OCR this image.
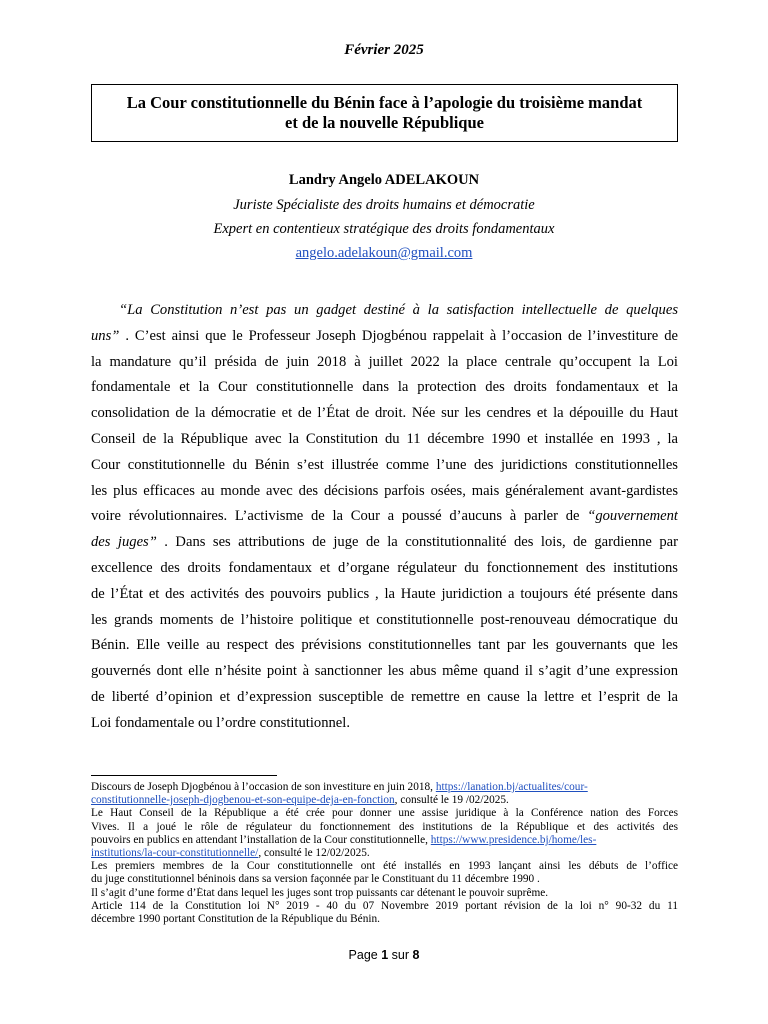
Février 2025
La Cour constitutionnelle du Bénin face à l’apologie du troisième mandat
et de la nouvelle République
Landry Angelo ADELAKOUN
Juriste Spécialiste des droits humains et démocratie
Expert en contentieux stratégique des droits fondamentaux
angelo.adelakoun@gmail.com
“La Constitution n’est pas un gadget destiné à la satisfaction intellectuelle de quelques
uns” . C’est ainsi que le Professeur Joseph Djogbénou rappelait à l’occasion de l’investiture de
la mandature qu’il présida de juin 2018 à juillet 2022 la place centrale qu’occupent la Loi
fondamentale et la Cour constitutionnelle dans la protection des droits fondamentaux et la
consolidation de la démocratie et de l’État de droit. Née sur les cendres et la dépouille du Haut
Conseil de la République avec la Constitution du 11 décembre 1990 et installée en 1993 , la
Cour constitutionnelle du Bénin s’est illustrée comme l’une des juridictions constitutionnelles
les plus efficaces au monde avec des décisions parfois osées, mais généralement avant-gardistes
voire révolutionnaires. L’activisme de la Cour a poussé d’aucuns à parler de “gouvernement
des juges” . Dans ses attributions de juge de la constitutionnalité des lois, de gardienne par
excellence des droits fondamentaux et d’organe régulateur du fonctionnement des institutions
de l’État et des activités des pouvoirs publics , la Haute juridiction a toujours été présente dans
les grands moments de l’histoire politique et constitutionnelle post-renouveau démocratique du
Bénin. Elle veille au respect des prévisions constitutionnelles tant par les gouvernants que les
gouvernés dont elle n’hésite point à sanctionner les abus même quand il s’agit d’une expression
de liberté d’opinion et d’expression susceptible de remettre en cause la lettre et l’esprit de la
Loi fondamentale ou l’ordre constitutionnel.
Discours de Joseph Djogbénou à l’occasion de son investiture en juin 2018, https://lanation.bj/actualites/cour-
constitutionnelle-joseph-djogbenou-et-son-equipe-deja-en-fonction, consulté le 19 /02/2025.
Le Haut Conseil de la République a été crée pour donner une assise juridique à la Conférence nation des Forces
Vives. Il a joué le rôle de régulateur du fonctionnement des institutions de la République et des activités des
pouvoirs en publics en attendant l’installation de la Cour constitutionnelle, https://www.presidence.bj/home/les-
institutions/la-cour-constitutionnelle/, consulté le 12/02/2025.
Les premiers membres de la Cour constitutionnelle ont été installés en 1993 lançant ainsi les débuts de l’office
du juge constitutionnel béninois dans sa version façonnée par le Constituant du 11 décembre 1990 .
Il s’agit d’une forme d’État dans lequel les juges sont trop puissants car détenant le pouvoir suprême.
Article 114 de la Constitution loi N° 2019 - 40 du 07 Novembre 2019 portant révision de la loi n° 90-32 du 11
décembre 1990 portant Constitution de la République du Bénin.
Page 1 sur 8
